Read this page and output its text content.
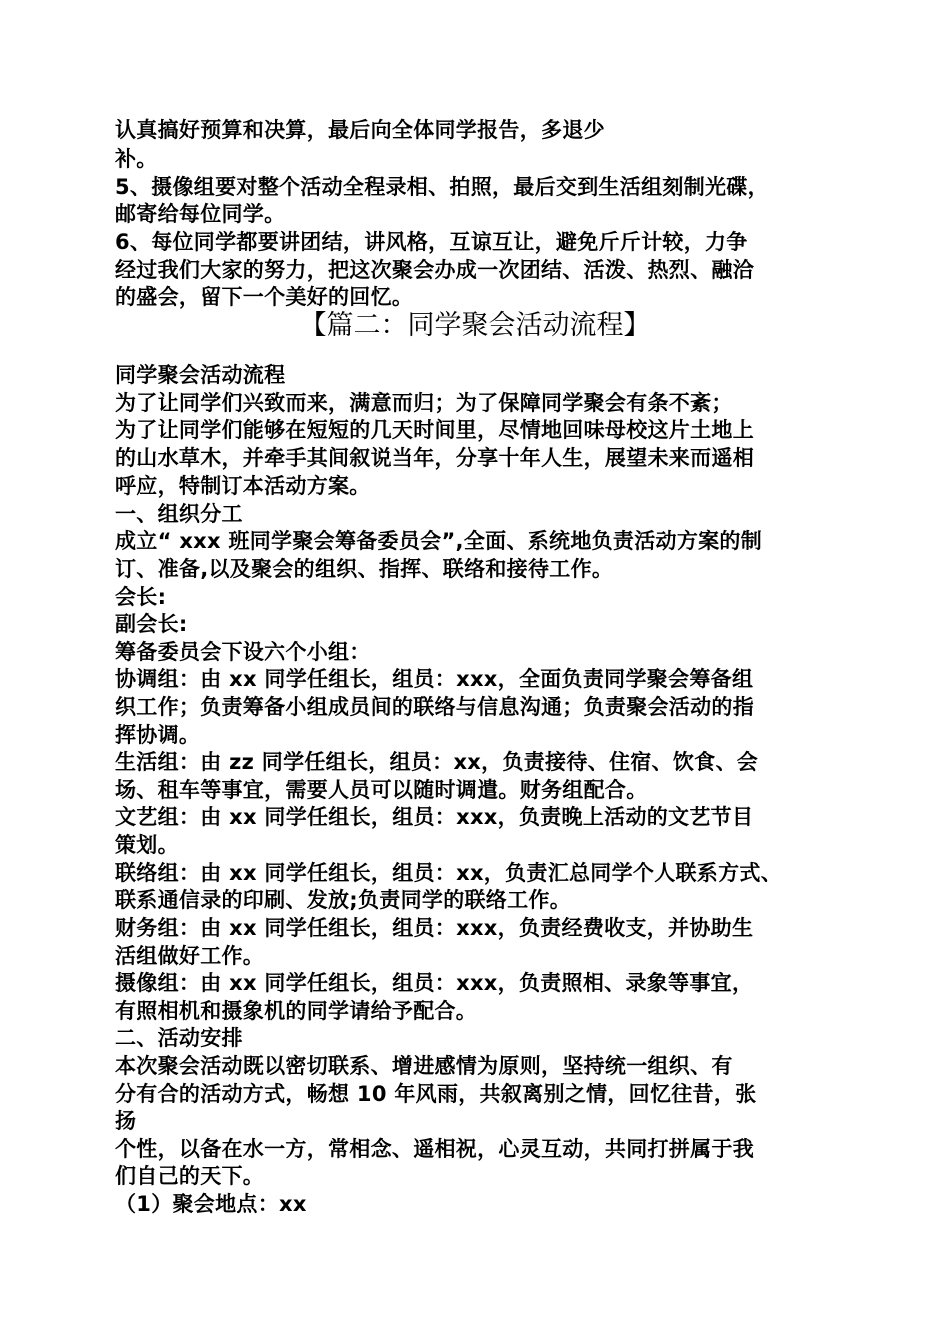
认真搞好预算和决算，最后向全体同学报告，多退少
补。
5、摄像组要对整个活动全程录相、拍照，最后交到生活组刻制光碟，
邮寄给每位同学。
6、每位同学都要讲团结，讲风格，互谅互让，避免斤斤计较，力争
经过我们大家的努力，把这次聚会办成一次团结、活泼、热烈、融洽
的盛会，留下一个美好的回忆。
【篇二：同学聚会活动流程】
同学聚会活动流程
为了让同学们兴致而来，满意而归；为了保障同学聚会有条不紊；
为了让同学们能够在短短的几天时间里，尽情地回味母校这片土地上
的山水草木，并牵手其间叙说当年，分享十年人生，展望未来而遥相
呼应，特制订本活动方案。
一、组织分工
成立“ xxx 班同学聚会筹备委员会”,全面、系统地负责活动方案的制
订、准备,以及聚会的组织、指挥、联络和接待工作。
会长:
副会长:
筹备委员会下设六个小组：
协调组：由 xx 同学任组长，组员：xxx，全面负责同学聚会筹备组
织工作；负责筹备小组成员间的联络与信息沟通；负责聚会活动的指
挥协调。
生活组：由 zz 同学任组长，组员：xx，负责接待、住宿、饮食、会
场、租车等事宜，需要人员可以随时调遣。财务组配合。
文艺组：由 xx 同学任组长，组员：xxx，负责晚上活动的文艺节目
策划。
联络组：由 xx 同学任组长，组员：xx，负责汇总同学个人联系方式、
联系通信录的印刷、发放;负责同学的联络工作。
财务组：由 xx 同学任组长，组员：xxx，负责经费收支，并协助生
活组做好工作。
摄像组：由 xx 同学任组长，组员：xxx，负责照相、录象等事宜，
有照相机和摄象机的同学请给予配合。
二、活动安排
本次聚会活动既以密切联系、增进感情为原则，坚持统一组织、有
分有合的活动方式，畅想 10 年风雨，共叙离别之情，回忆往昔，张
扬
个性，以备在水一方，常相念、遥相祝，心灵互动，共同打拼属于我
们自己的天下。
（1）聚会地点：xx
